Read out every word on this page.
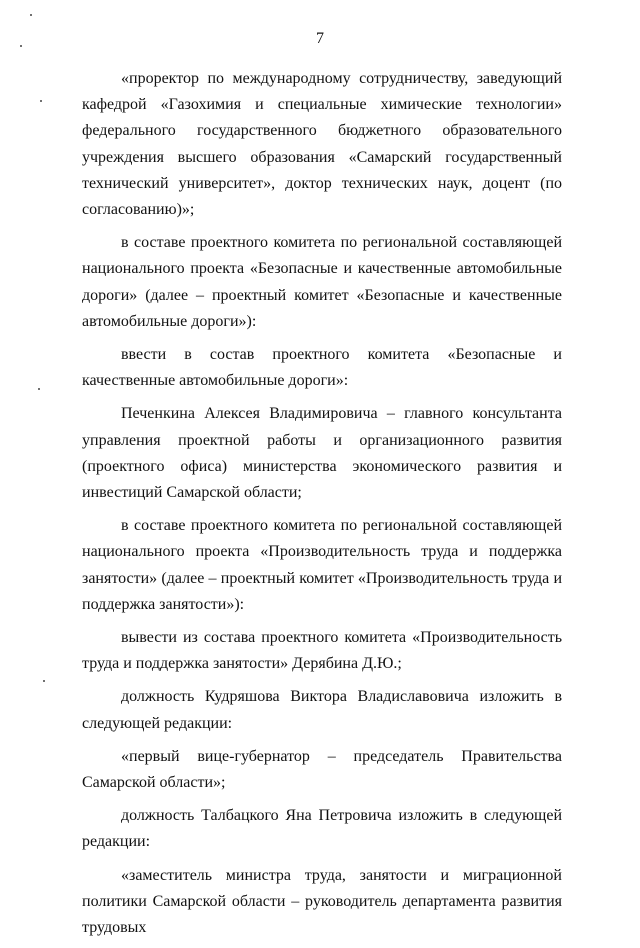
7

«проректор по международному сотрудничеству, заведующий кафедрой «Газохимия и специальные химические технологии» федерального государственного бюджетного образовательного учреждения высшего образования «Самарский государственный технический университет», доктор технических наук, доцент (по согласованию)»;

в составе проектного комитета по региональной составляющей национального проекта «Безопасные и качественные автомобильные дороги» (далее – проектный комитет «Безопасные и качественные автомобильные дороги»):

ввести в состав проектного комитета «Безопасные и качественные автомобильные дороги»:

Печенкина Алексея Владимировича – главного консультанта управления проектной работы и организационного развития (проектного офиса) министерства экономического развития и инвестиций Самарской области;

в составе проектного комитета по региональной составляющей национального проекта «Производительность труда и поддержка занятости» (далее – проектный комитет «Производительность труда и поддержка занятости»):

вывести из состава проектного комитета «Производительность труда и поддержка занятости» Дерябина Д.Ю.;

должность Кудряшова Виктора Владиславовича изложить в следующей редакции:

«первый вице-губернатор – председатель Правительства Самарской области»;

должность Талбацкого Яна Петровича изложить в следующей редакции:

«заместитель министра труда, занятости и миграционной политики Самарской области – руководитель департамента развития трудовых
